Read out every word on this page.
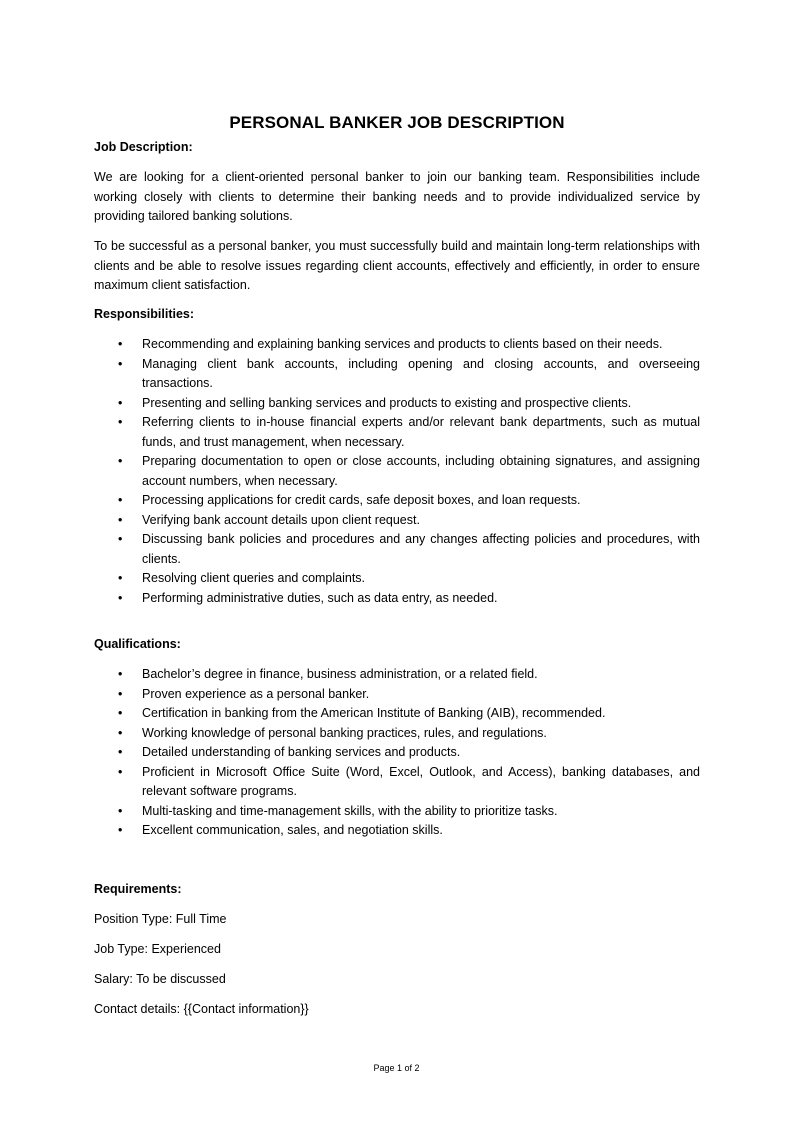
PERSONAL BANKER JOB DESCRIPTION

Job Description:

We are looking for a client-oriented personal banker to join our banking team. Responsibilities include working closely with clients to determine their banking needs and to provide individualized service by providing tailored banking solutions.

To be successful as a personal banker, you must successfully build and maintain long-term relationships with clients and be able to resolve issues regarding client accounts, effectively and efficiently, in order to ensure maximum client satisfaction.

Responsibilities:

• Recommending and explaining banking services and products to clients based on their needs.
• Managing client bank accounts, including opening and closing accounts, and overseeing transactions.
• Presenting and selling banking services and products to existing and prospective clients.
• Referring clients to in-house financial experts and/or relevant bank departments, such as mutual funds, and trust management, when necessary.
• Preparing documentation to open or close accounts, including obtaining signatures, and assigning account numbers, when necessary.
• Processing applications for credit cards, safe deposit boxes, and loan requests.
• Verifying bank account details upon client request.
• Discussing bank policies and procedures and any changes affecting policies and procedures, with clients.
• Resolving client queries and complaints.
• Performing administrative duties, such as data entry, as needed.

Qualifications:

• Bachelor’s degree in finance, business administration, or a related field.
• Proven experience as a personal banker.
• Certification in banking from the American Institute of Banking (AIB), recommended.
• Working knowledge of personal banking practices, rules, and regulations.
• Detailed understanding of banking services and products.
• Proficient in Microsoft Office Suite (Word, Excel, Outlook, and Access), banking databases, and relevant software programs.
• Multi-tasking and time-management skills, with the ability to prioritize tasks.
• Excellent communication, sales, and negotiation skills.

Requirements:

Position Type: Full Time

Job Type: Experienced

Salary: To be discussed

Contact details: {{Contact information}}

Page 1 of 2
